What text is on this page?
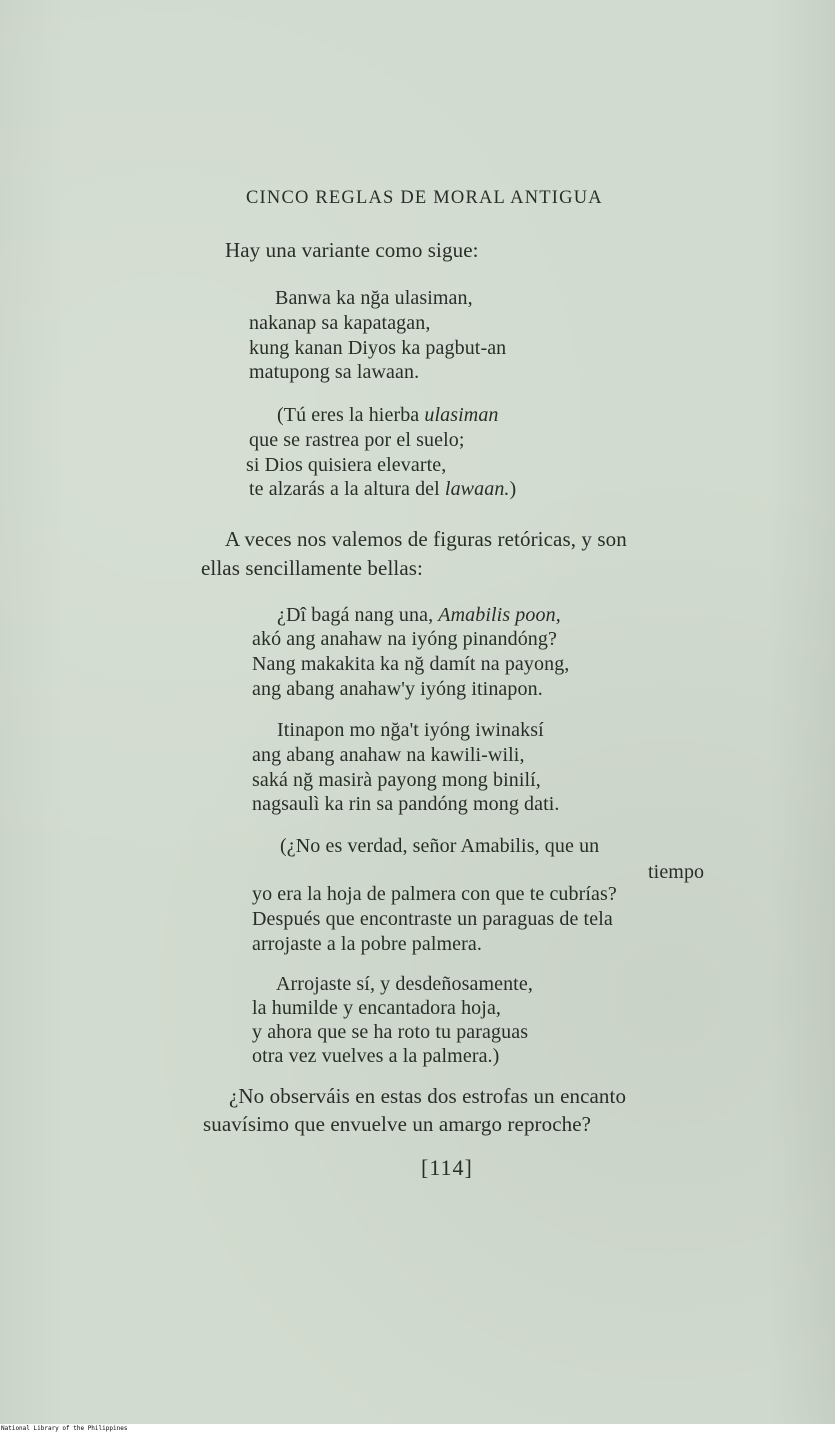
CINCO REGLAS DE MORAL ANTIGUA
Hay una variante como sigue:
Banwa ka nğa ulasiman,
nakanap sa kapatagan,
kung kanan Diyos ka pagbut-an
matupong sa lawaan.
(Tú eres la hierba ulasiman
que se rastrea por el suelo;
si Dios quisiera elevarte,
te alzarás a la altura del lawaan.)
A veces nos valemos de figuras retóricas, y son
ellas sencillamente bellas:
¿Dî bagá nang una, Amabilis poon,
akó ang anahaw na iyóng pinandóng?
Nang makakita ka nğ damít na payong,
ang abang anahaw'y iyóng itinapon.
Itinapon mo nğa't iyóng iwinaksí
ang abang anahaw na kawili-wili,
saká nğ masirà payong mong binilí,
nagsaulì ka rin sa pandóng mong dati.
(¿No es verdad, señor Amabilis, que un
tiempo
yo era la hoja de palmera con que te cubrías?
Después que encontraste un paraguas de tela
arrojaste a la pobre palmera.
Arrojaste sí, y desdeñosamente,
la humilde y encantadora hoja,
y ahora que se ha roto tu paraguas
otra vez vuelves a la palmera.)
¿No observáis en estas dos estrofas un encanto
suavísimo que envuelve un amargo reproche?
[114]
National Library of the Philippines
